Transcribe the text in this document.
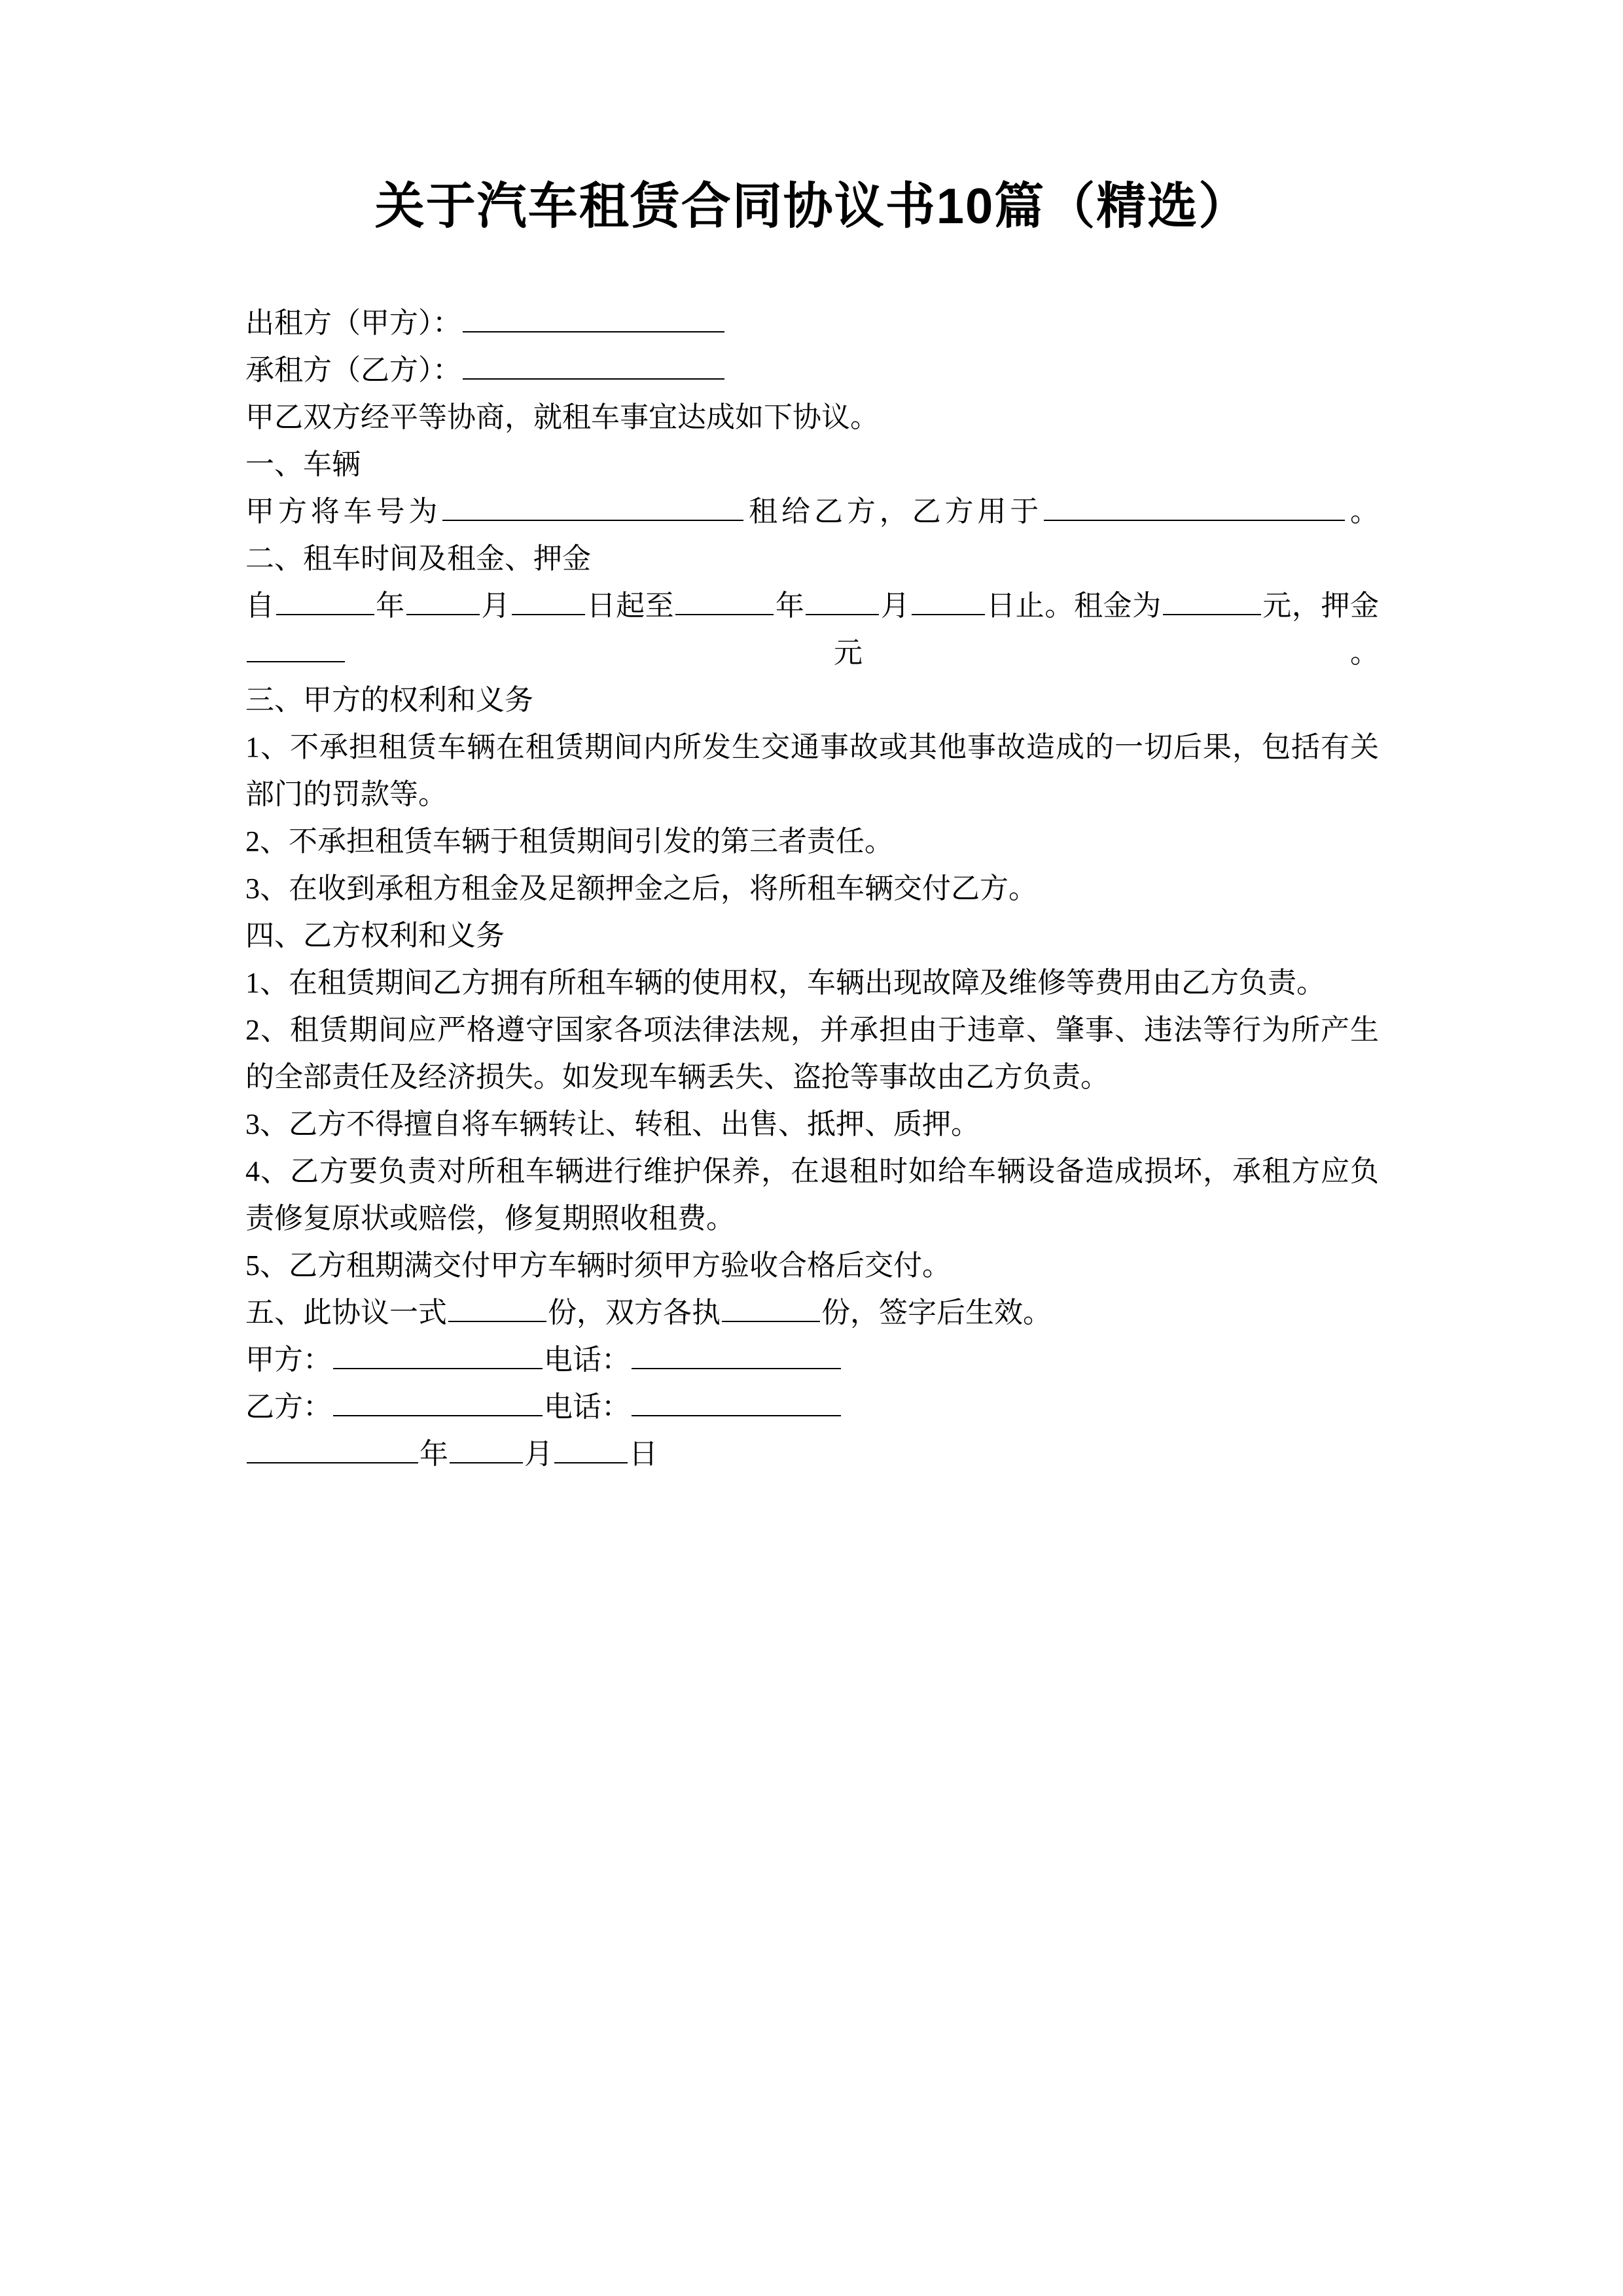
关于汽车租赁合同协议书10篇（精选）

出租方（甲方）：

承租方（乙方）：

甲乙双方经平等协商，就租车事宜达成如下协议。

一、车辆

甲方将车号为	租给乙方，乙方用于	。

二、租车时间及租金、押金

自	年	月	日起至	年	月	日止。租金为	元，押金元。

三、甲方的权利和义务

1、不承担租赁车辆在租赁期间内所发生交通事故或其他事故造成的一切后果，包括有关部门的罚款等。

2、不承担租赁车辆于租赁期间引发的第三者责任。

3、在收到承租方租金及足额押金之后，将所租车辆交付乙方。

四、乙方权利和义务

1、在租赁期间乙方拥有所租车辆的使用权，车辆出现故障及维修等费用由乙方负责。

2、租赁期间应严格遵守国家各项法律法规，并承担由于违章、肇事、违法等行为所产生的全部责任及经济损失。如发现车辆丢失、盗抢等事故由乙方负责。

3、乙方不得擅自将车辆转让、转租、出售、抵押、质押。

4、乙方要负责对所租车辆进行维护保养，在退租时如给车辆设备造成损坏，承租方应负责修复原状或赔偿，修复期照收租费。

5、乙方租期满交付甲方车辆时须甲方验收合格后交付。

五、此协议一式	份，双方各执	份，签字后生效。

甲方：	电话：

乙方：	电话：

年	月	日
